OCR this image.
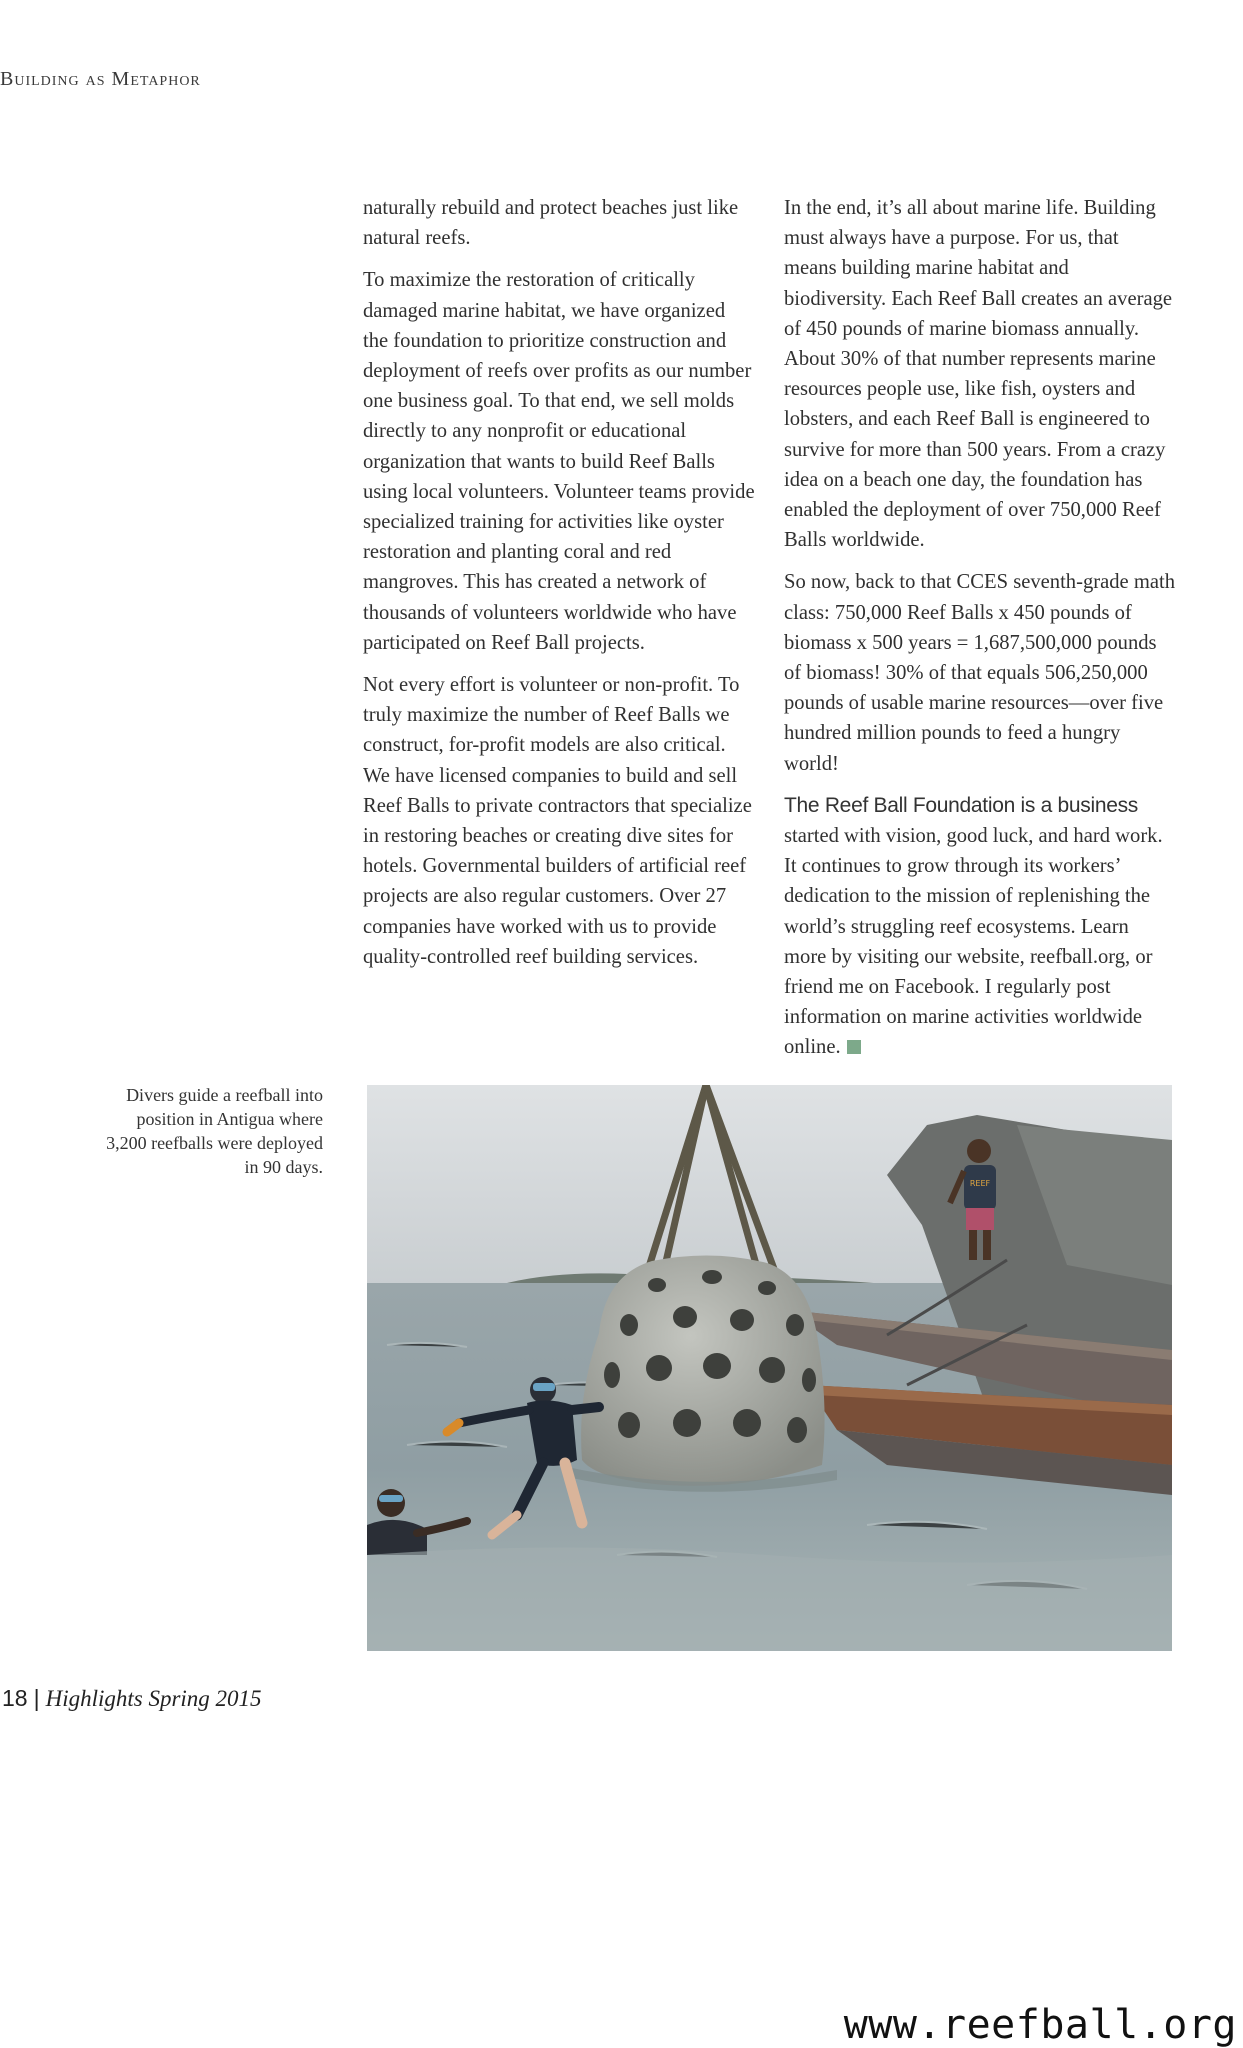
Building as Metaphor

naturally rebuild and protect beaches just like natural reefs.

To maximize the restoration of critically damaged marine habitat, we have organized the foundation to prioritize construction and deployment of reefs over profits as our number one business goal. To that end, we sell molds directly to any nonprofit or educational organization that wants to build Reef Balls using local volunteers. Volunteer teams provide specialized training for activities like oyster restoration and planting coral and red mangroves. This has created a network of thousands of volunteers worldwide who have participated on Reef Ball projects.

Not every effort is volunteer or non-profit. To truly maximize the number of Reef Balls we construct, for-profit models are also critical. We have licensed companies to build and sell Reef Balls to private contractors that specialize in restoring beaches or creating dive sites for hotels. Governmental builders of artificial reef projects are also regular customers. Over 27 companies have worked with us to provide quality-controlled reef building services.

In the end, it’s all about marine life. Building must always have a purpose. For us, that means building marine habitat and biodiversity. Each Reef Ball creates an average of 450 pounds of marine biomass annually. About 30% of that number represents marine resources people use, like fish, oysters and lobsters, and each Reef Ball is engineered to survive for more than 500 years. From a crazy idea on a beach one day, the foundation has enabled the deployment of over 750,000 Reef Balls worldwide.

So now, back to that CCES seventh-grade math class: 750,000 Reef Balls x 450 pounds of biomass x 500 years = 1,687,500,000 pounds of biomass! 30% of that equals 506,250,000 pounds of usable marine resources—over five hundred million pounds to feed a hungry world!

The Reef Ball Foundation is a business started with vision, good luck, and hard work. It continues to grow through its workers’ dedication to the mission of replenishing the world’s struggling reef ecosystems. Learn more by visiting our website, reefball.org, or friend me on Facebook. I regularly post information on marine activities worldwide online.

Divers guide a reefball into position in Antigua where 3,200 reefballs were deployed in 90 days.
REEF
18 | Highlights Spring 2015
www.reefball.org
